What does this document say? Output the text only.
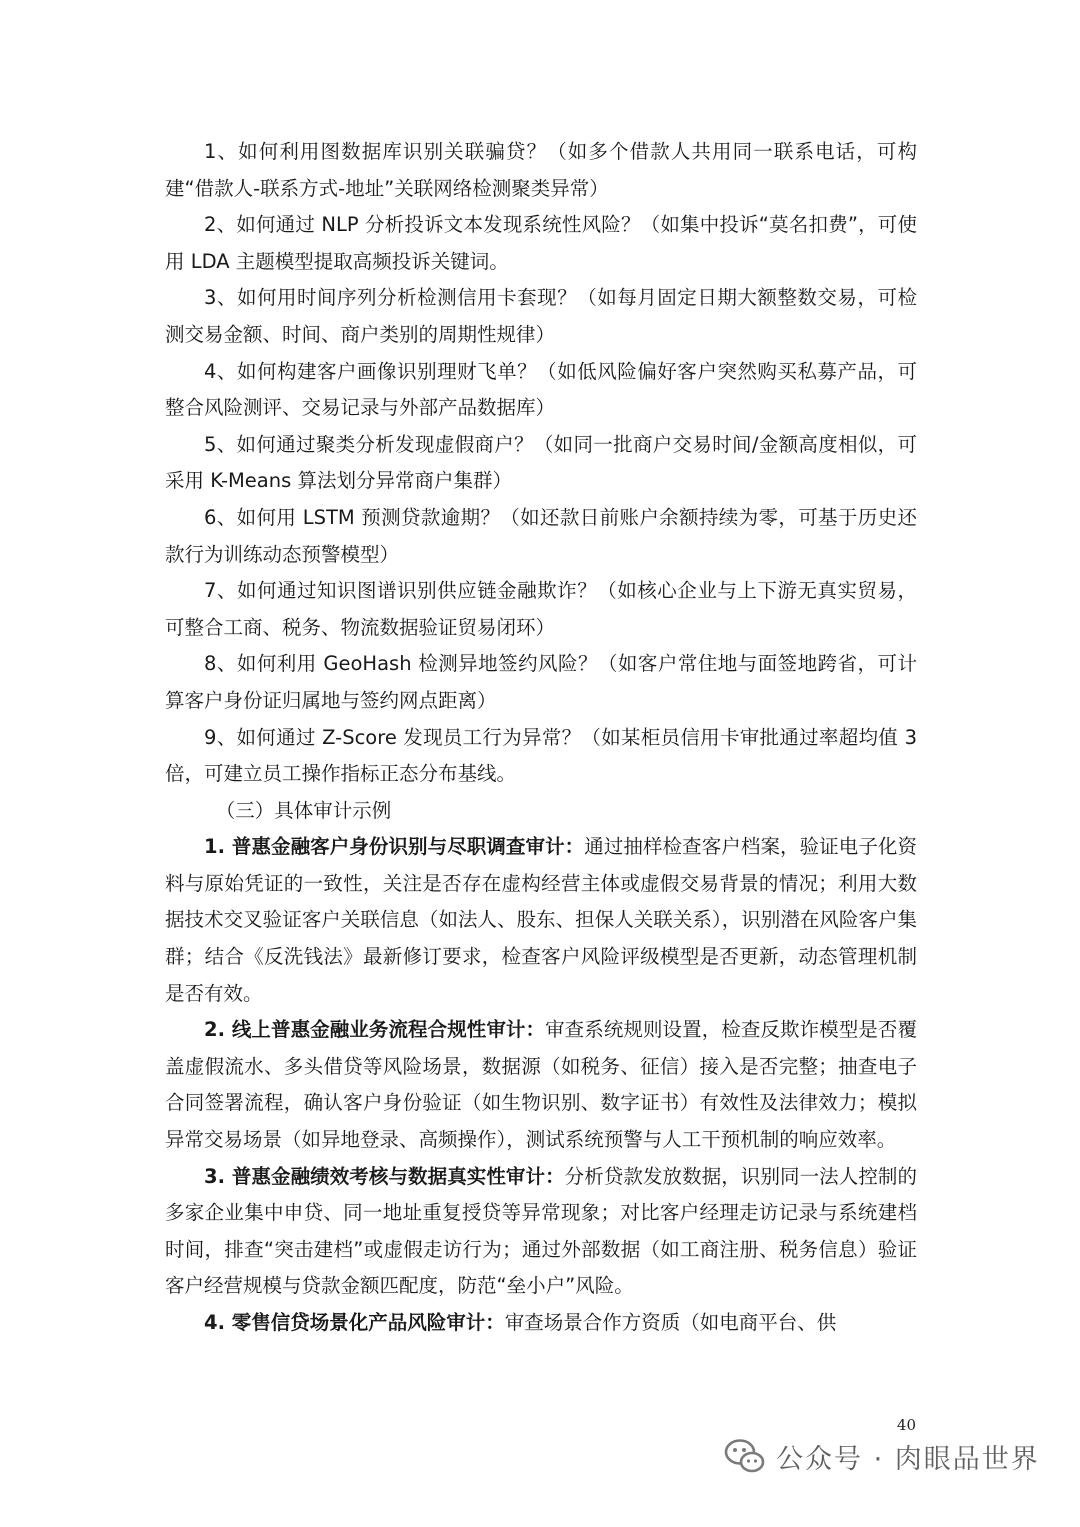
1、如何利用图数据库识别关联骗贷？（如多个借款人共用同一联系电话，可构建“借款人-联系方式-地址”关联网络检测聚类异常）

2、如何通过 NLP 分析投诉文本发现系统性风险？（如集中投诉“莫名扣费”，可使用 LDA 主题模型提取高频投诉关键词。

3、如何用时间序列分析检测信用卡套现？（如每月固定日期大额整数交易，可检测交易金额、时间、商户类别的周期性规律）

4、如何构建客户画像识别理财飞单？（如低风险偏好客户突然购买私募产品，可整合风险测评、交易记录与外部产品数据库）

5、如何通过聚类分析发现虚假商户？（如同一批商户交易时间/金额高度相似，可采用 K-Means 算法划分异常商户集群）

6、如何用 LSTM 预测贷款逾期？（如还款日前账户余额持续为零，可基于历史还款行为训练动态预警模型）

7、如何通过知识图谱识别供应链金融欺诈？（如核心企业与上下游无真实贸易，可整合工商、税务、物流数据验证贸易闭环）

8、如何利用 GeoHash 检测异地签约风险？（如客户常住地与面签地跨省，可计算客户身份证归属地与签约网点距离）

9、如何通过 Z-Score 发现员工行为异常？（如某柜员信用卡审批通过率超均值 3 倍，可建立员工操作指标正态分布基线。

（三）具体审计示例

1. 普惠金融客户身份识别与尽职调查审计：通过抽样检查客户档案，验证电子化资料与原始凭证的一致性，关注是否存在虚构经营主体或虚假交易背景的情况；利用大数据技术交叉验证客户关联信息（如法人、股东、担保人关联关系），识别潜在风险客户集群；结合《反洗钱法》最新修订要求，检查客户风险评级模型是否更新，动态管理机制是否有效。

2. 线上普惠金融业务流程合规性审计：审查系统规则设置，检查反欺诈模型是否覆盖虚假流水、多头借贷等风险场景，数据源（如税务、征信）接入是否完整；抽查电子合同签署流程，确认客户身份验证（如生物识别、数字证书）有效性及法律效力；模拟异常交易场景（如异地登录、高频操作），测试系统预警与人工干预机制的响应效率。

3. 普惠金融绩效考核与数据真实性审计：分析贷款发放数据，识别同一法人控制的多家企业集中申贷、同一地址重复授贷等异常现象；对比客户经理走访记录与系统建档时间，排查“突击建档”或虚假走访行为；通过外部数据（如工商注册、税务信息）验证客户经营规模与贷款金额匹配度，防范“垒小户”风险。

4. 零售信贷场景化产品风险审计：审查场景合作方资质（如电商平台、供

40
公众号 · 肉眼品世界
